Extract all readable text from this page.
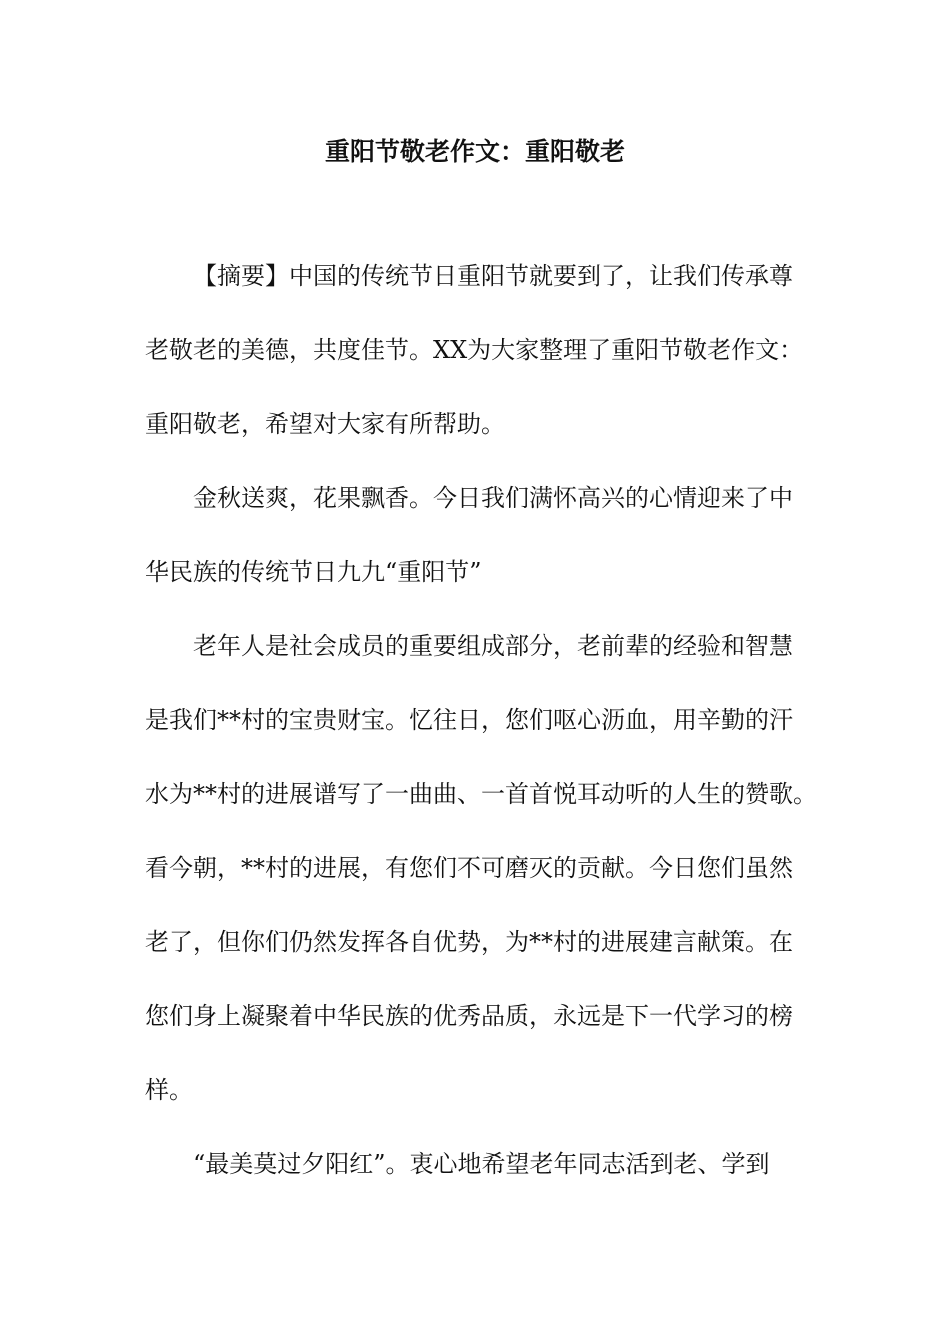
重阳节敬老作文：重阳敬老

【摘要】中国的传统节日重阳节就要到了，让我们传承尊

老敬老的美德，共度佳节。XX为大家整理了重阳节敬老作文：

重阳敬老，希望对大家有所帮助。

金秋送爽，花果飘香。今日我们满怀高兴的心情迎来了中

华民族的传统节日九九“重阳节”

老年人是社会成员的重要组成部分，老前辈的经验和智慧

是我们**村的宝贵财宝。忆往日，您们呕心沥血，用辛勤的汗

水为**村的进展谱写了一曲曲、一首首悦耳动听的人生的赞歌。

看今朝，**村的进展，有您们不可磨灭的贡献。今日您们虽然

老了，但你们仍然发挥各自优势，为**村的进展建言献策。在

您们身上凝聚着中华民族的优秀品质，永远是下一代学习的榜

样。

“最美莫过夕阳红”。衷心地希望老年同志活到老、学到
